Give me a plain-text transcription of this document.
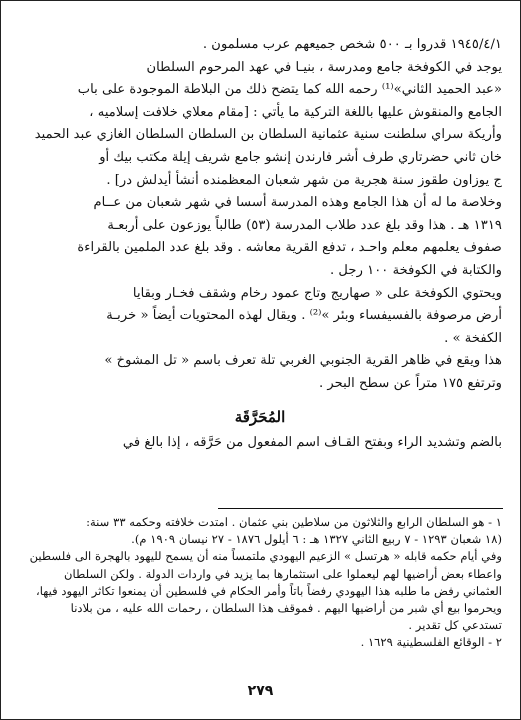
١٩٤٥/٤/١ قدروا بـ ٥٠٠ شخص جميعهم عرب مسلمون .
يوجد في الكوفخة جامع ومدرسة ، بنيـا في عهد المرحوم السلطان
«عبد الحميد الثاني»⁽¹⁾ رحمه الله كما يتضح ذلك من البلاطة الموجودة على باب
الجامع والمنقوش عليها باللغة التركية ما يأتي : [مقام معلاي خلافت إسلاميه ،
وأريكة سراي سلطنت سنية عثمانية السلطان بن السلطان السلطان الغازي عبد الحميد
خان ثاني حضرتاري طرف أشر فارندن إنشو جامع شريف إيلة مكتب بيك أو
ج يوزاون طقوز سنة هجرية من شهر شعبان المعظمنده أنشأ أيدلش در] .
وخلاصة ما له أن هذا الجامع وهذه المدرسة أسسا في شهر شعبان من عــام
١٣١٩ هـ . هذا وقد بلغ عدد طلاب المدرسة (٥٣) طالباً يوزعون على أربعـة
صفوف يعلمهم معلم واحـد ، تدفع القرية معاشه . وقد بلغ عدد الملمين بالقراءة
والكتابة في الكوفخة ١٠٠ رجل .
ويحتوي الكوفخة على « صهاريج وتاج عمود رخام وشقف فخـار وبقايا
أرض مرصوفة بالفسيفساء وبئر »⁽²⁾ . ويقال لهذه المحتويات أيضاً « خربـة
الكفخة » .
هذا ويقع في ظاهر القرية الجنوبي الغربي تلة تعرف باسم « تل المشوخ »
وترتفع ١٧٥ متراً عن سطح البحر .
المُحَرَّقَة
بالضم وتشديد الراء وبفتح القـاف اسم المفعول من حَرَّقه ، إذا بالغ في
١ - هو السلطان الرابع والثلاثون من سلاطين بني عثمان . امتدت خلافته وحكمه ٣٣ سنة:
(١٨ شعبان ١٢٩٣ - ٧ ربيع الثاني ١٣٢٧ هـ : ٦ أيلول ١٨٧٦ - ٢٧ نيسان ١٩٠٩ م).
وفي أيام حكمه قابله « هرتسل » الزعيم اليهودي ملتمساً منه أن يسمح لليهود بالهجرة الى فلسطين
واعطاء بعض أراضيها لهم ليعملوا على استثمارها بما يزيد في واردات الدولة . ولكن السلطان
العثماني رفض ما طلبه هذا اليهودي رفضاً باتاً وأمر الحكام في فلسطين أن يمنعوا تكاثر اليهود فيها،
ويحرموا بيع أي شبر من أراضيها اليهم . فموقف هذا السلطان ، رحمات الله عليه ، من بلادنا
تستدعي كل تقدير .
٢ - الوقائع الفلسطينية ١٦٢٩ .
٢٧٩
